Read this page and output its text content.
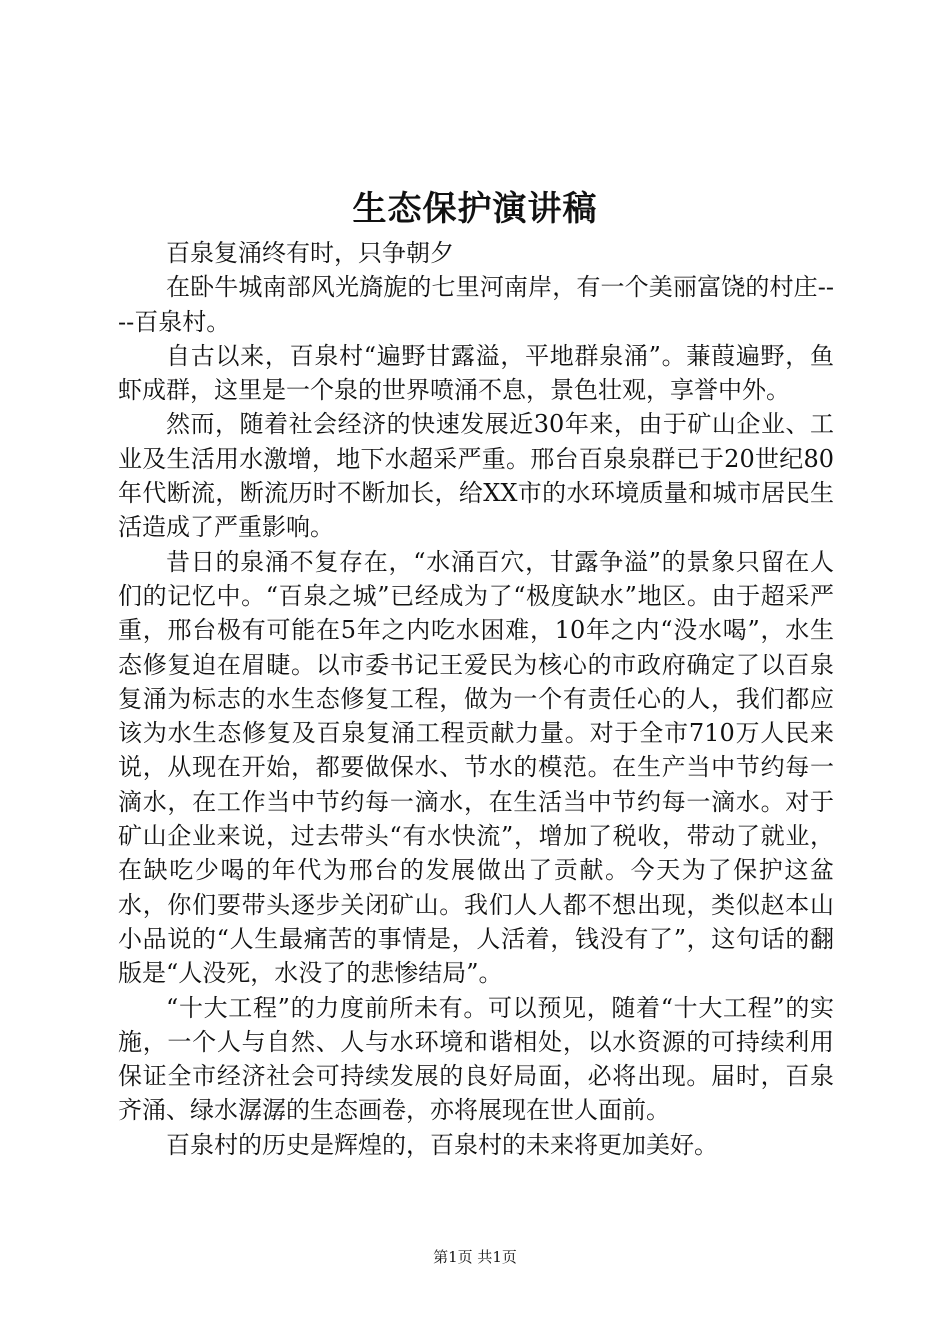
生态保护演讲稿

百泉复涌终有时，只争朝夕

在卧牛城南部风光旖旎的七里河南岸，有一个美丽富饶的村庄----百泉村。

自古以来，百泉村“遍野甘露溢，平地群泉涌”。蒹葭遍野，鱼虾成群，这里是一个泉的世界喷涌不息，景色壮观，享誉中外。

然而，随着社会经济的快速发展近30年来，由于矿山企业、工业及生活用水激增，地下水超采严重。邢台百泉泉群已于20世纪80年代断流，断流历时不断加长，给XX市的水环境质量和城市居民生活造成了严重影响。

昔日的泉涌不复存在，“水涌百穴，甘露争溢”的景象只留在人们的记忆中。“百泉之城”已经成为了“极度缺水”地区。由于超采严重，邢台极有可能在5年之内吃水困难，10年之内“没水喝”，水生态修复迫在眉睫。以市委书记王爱民为核心的市政府确定了以百泉复涌为标志的水生态修复工程，做为一个有责任心的人，我们都应该为水生态修复及百泉复涌工程贡献力量。对于全市710万人民来说，从现在开始，都要做保水、节水的模范。在生产当中节约每一滴水，在工作当中节约每一滴水，在生活当中节约每一滴水。对于矿山企业来说，过去带头“有水快流”，增加了税收，带动了就业，在缺吃少喝的年代为邢台的发展做出了贡献。今天为了保护这盆水，你们要带头逐步关闭矿山。我们人人都不想出现，类似赵本山小品说的“人生最痛苦的事情是，人活着，钱没有了”，这句话的翻版是“人没死，水没了的悲惨结局”。

“十大工程”的力度前所未有。可以预见，随着“十大工程”的实施，一个人与自然、人与水环境和谐相处，以水资源的可持续利用保证全市经济社会可持续发展的良好局面，必将出现。届时，百泉齐涌、绿水潺潺的生态画卷，亦将展现在世人面前。

百泉村的历史是辉煌的，百泉村的未来将更加美好。

第1页 共1页
